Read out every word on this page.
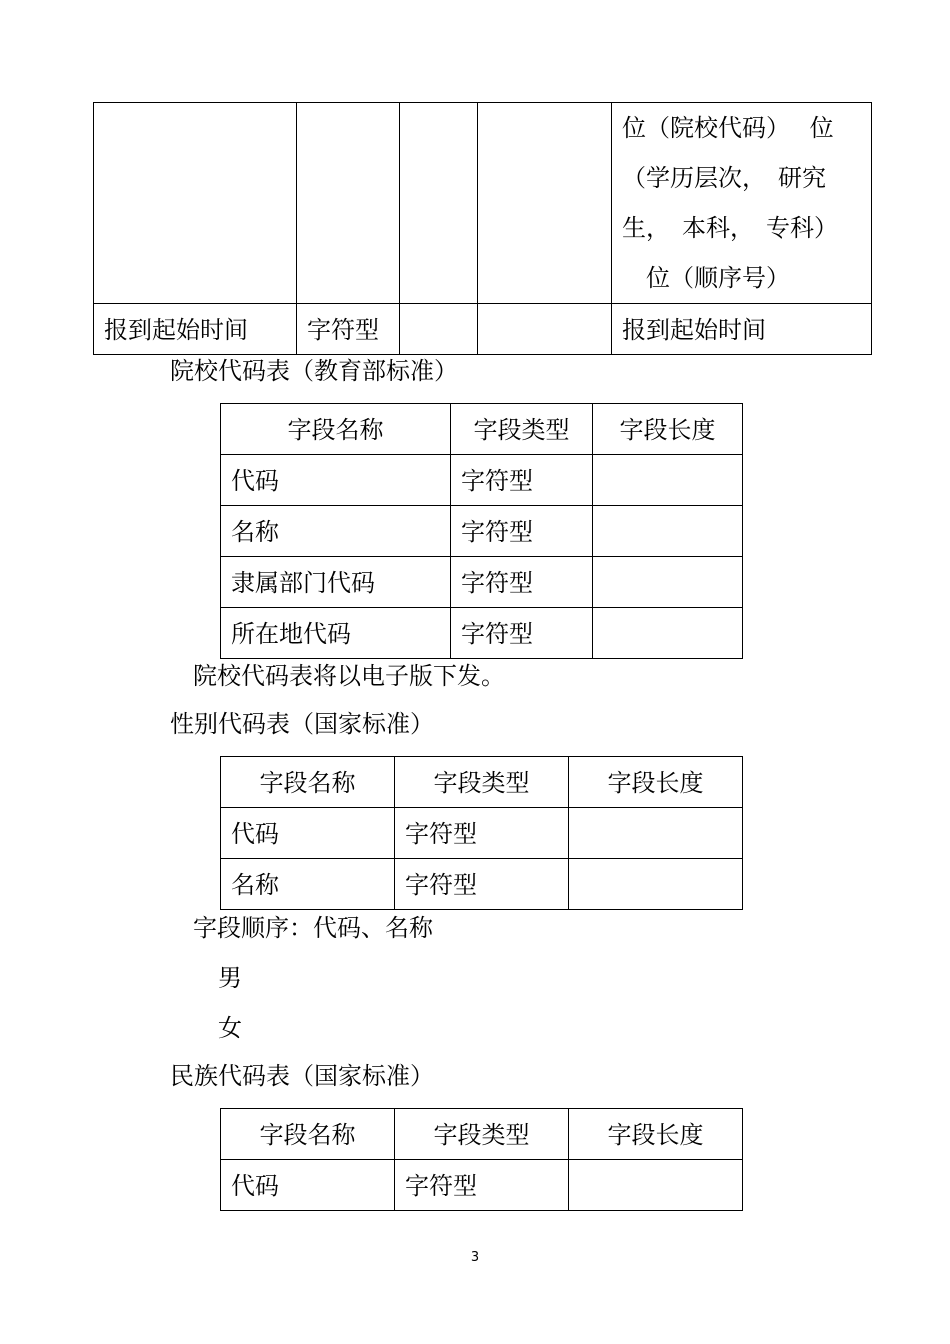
				位（院校代码）　 位
（学历层次，　研究
生，　本科，　专科）
　位（顺序号）

报到起始时间	字符型			报到起始时间
院校代码表（教育部标准）
字段名称	字段类型	字段长度

代码	字符型	

名称	字符型	

隶属部门代码	字符型	

所在地代码	字符型	

院校代码表将以电子版下发。
性别代码表（国家标准）
字段名称	字段类型	字段长度

代码	字符型	

名称	字符型	

字段顺序：代码、名称
男
女
民族代码表（国家标准）
字段名称	字段类型	字段长度

代码	字符型	

3
